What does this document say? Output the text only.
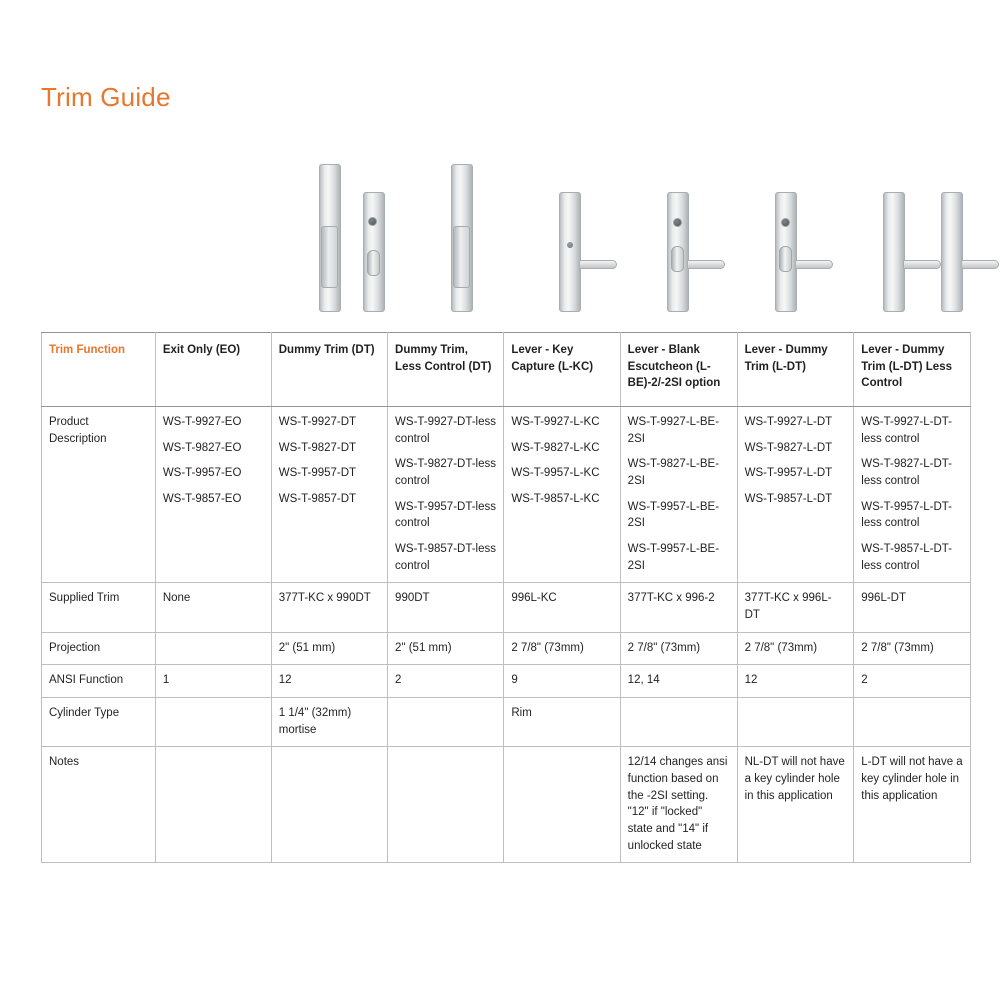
Trim Guide
Trim Function	Exit Only (EO)	Dummy Trim (DT)	Dummy Trim, Less Control (DT)	Lever - Key Capture (L-KC)	Lever - Blank Escutcheon (L-BE)-2/-2SI option	Lever - Dummy Trim (L-DT)	Lever - Dummy Trim (L-DT) Less Control
Product Description	WS-T-9927-EO
WS-T-9827-EO
WS-T-9957-EO
WS-T-9857-EO	WS-T-9927-DT
WS-T-9827-DT
WS-T-9957-DT
WS-T-9857-DT	WS-T-9927-DT-less control
WS-T-9827-DT-less control
WS-T-9957-DT-less control
WS-T-9857-DT-less control	WS-T-9927-L-KC
WS-T-9827-L-KC
WS-T-9957-L-KC
WS-T-9857-L-KC	WS-T-9927-L-BE-2SI
WS-T-9827-L-BE-2SI
WS-T-9957-L-BE-2SI
WS-T-9957-L-BE-2SI	WS-T-9927-L-DT
WS-T-9827-L-DT
WS-T-9957-L-DT
WS-T-9857-L-DT	WS-T-9927-L-DT-less control
WS-T-9827-L-DT-less control
WS-T-9957-L-DT-less control
WS-T-9857-L-DT-less control

Supplied Trim	None	377T-KC x 990DT	990DT	996L-KC	377T-KC x 996-2	377T-KC x 996L-DT	996L-DT
Projection		2" (51 mm)	2" (51 mm)	2 7/8" (73mm)	2 7/8" (73mm)	2 7/8" (73mm)	2 7/8" (73mm)
ANSI Function	1	12	2	9	12, 14	12	2
Cylinder Type		1 1/4" (32mm) mortise		Rim			
Notes					12/14 changes ansi function based on the -2SI setting. "12" if "locked" state and "14" if unlocked state	NL-DT will not have a key cylinder hole in this application	L-DT will not have a key cylinder hole in this application
